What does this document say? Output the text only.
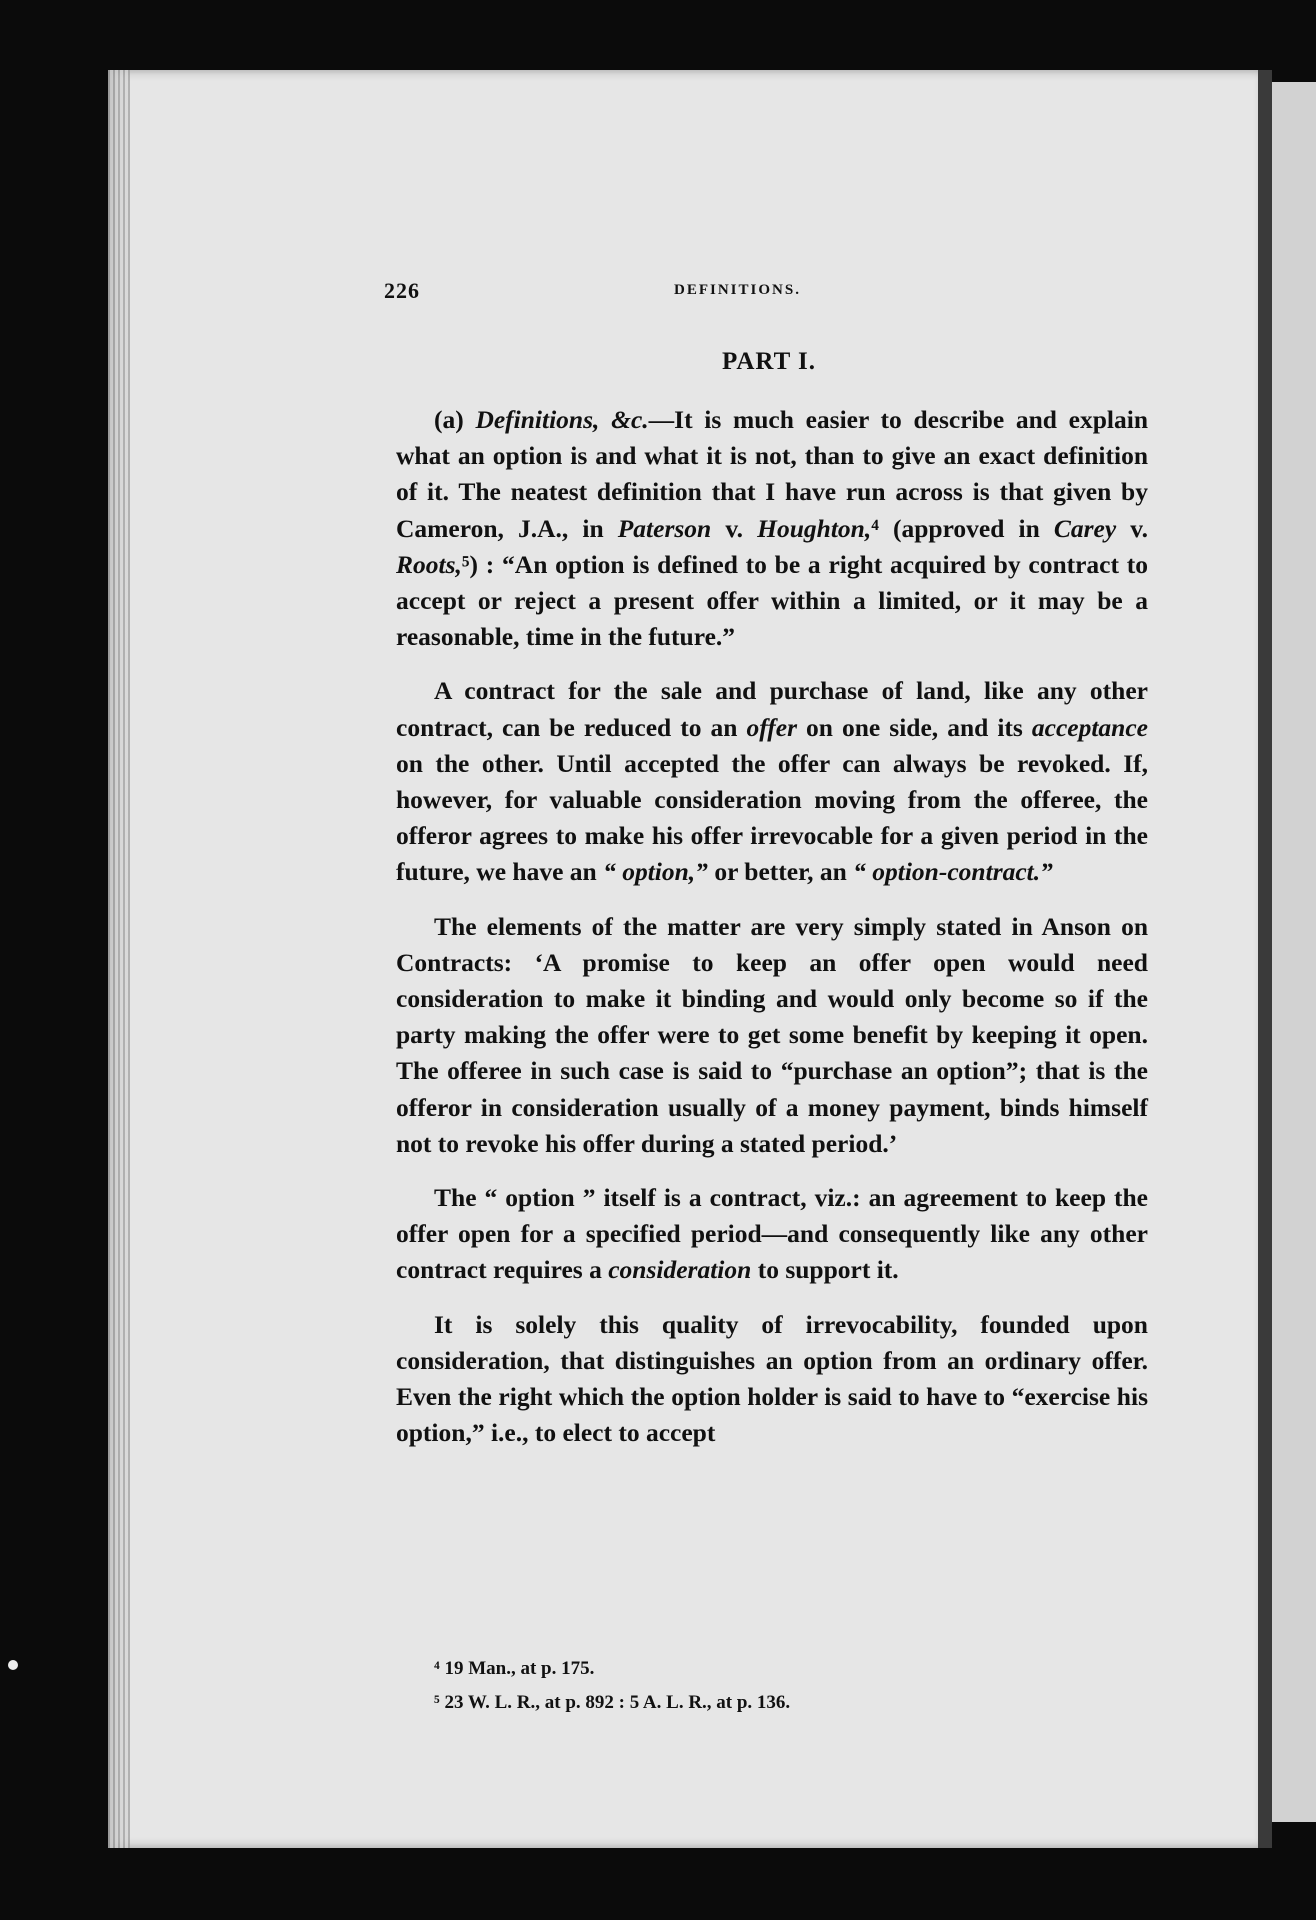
226	DEFINITIONS.
PART I.

(a) Definitions, &c.—It is much easier to describe and explain what an option is and what it is not, than to give an exact definition of it. The neatest definition that I have run across is that given by Cameron, J.A., in Paterson v. Houghton,⁴ (approved in Carey v. Roots,⁵) : “An option is defined to be a right acquired by contract to accept or reject a present offer within a limited, or it may be a reasonable, time in the future.”

A contract for the sale and purchase of land, like any other contract, can be reduced to an offer on one side, and its acceptance on the other. Until accepted the offer can always be revoked. If, however, for valuable consideration moving from the offeree, the offeror agrees to make his offer irrevocable for a given period in the future, we have an “ option,” or better, an “ option-contract.”

The elements of the matter are very simply stated in Anson on Contracts: ‘A promise to keep an offer open would need consideration to make it binding and would only become so if the party making the offer were to get some benefit by keeping it open. The offeree in such case is said to “purchase an option”; that is the offeror in consideration usually of a money payment, binds himself not to revoke his offer during a stated period.’

The “ option ” itself is a contract, viz.: an agreement to keep the offer open for a specified period—and consequently like any other contract requires a consideration to support it.

It is solely this quality of irrevocability, founded upon consideration, that distinguishes an option from an ordinary offer. Even the right which the option holder is said to have to “exercise his option,” i.e., to elect to accept

⁴ 19 Man., at p. 175.
⁵ 23 W. L. R., at p. 892 : 5 A. L. R., at p. 136.
